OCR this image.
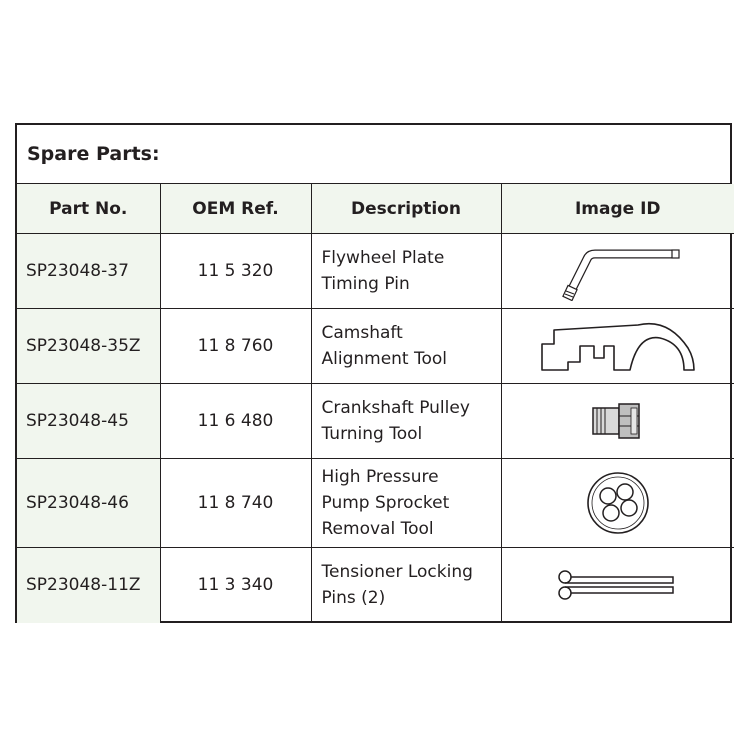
Spare Parts:
Part No.	OEM Ref.	Description	Image ID
SP23048-37	11 5 320	Flywheel Plate
Timing Pin	

SP23048-35Z	11 8 760	Camshaft
Alignment Tool	

SP23048-45	11 6 480	Crankshaft Pulley
Turning Tool	

SP23048-46	11 8 740	High Pressure
Pump Sprocket
Removal Tool	

SP23048-11Z	11 3 340	Tensioner Locking
Pins (2)	
